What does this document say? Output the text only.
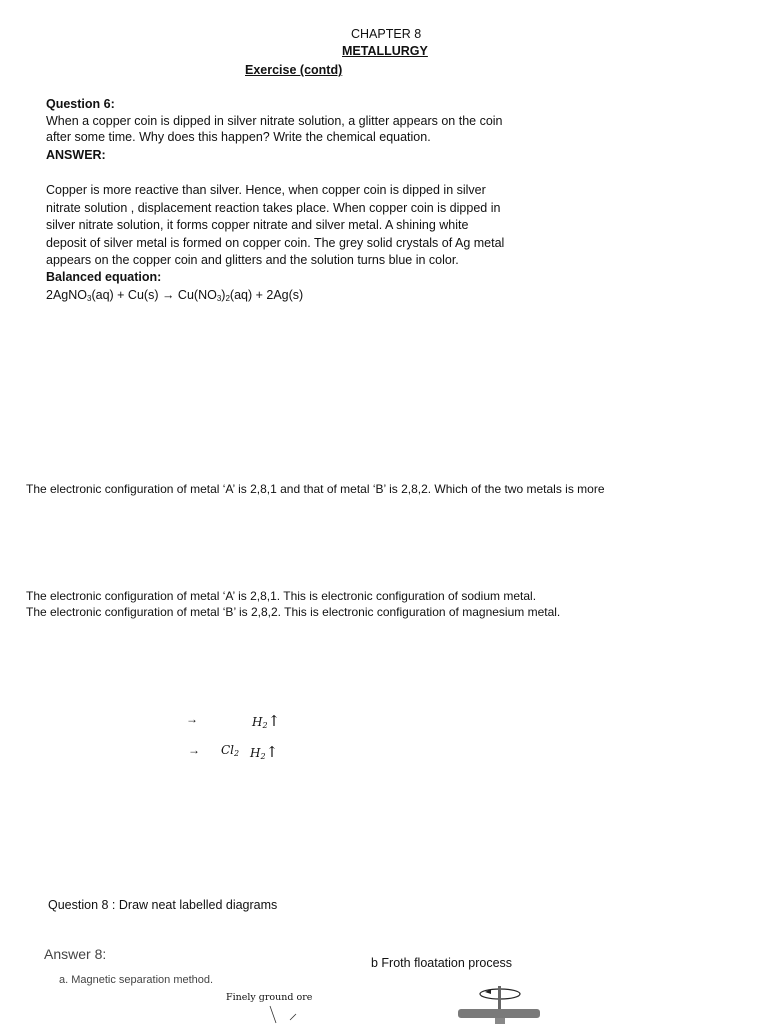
CHAPTER 8
METALLURGY
Exercise (contd)
Question 6:
When a copper coin is dipped in silver nitrate solution, a glitter appears on the coin
after some time. Why does this happen? Write the chemical equation.
ANSWER:
Copper is more reactive than silver. Hence, when copper coin is dipped in silver
nitrate solution , displacement reaction takes place. When copper coin is dipped in
silver nitrate solution, it forms copper nitrate and silver metal. A shining white
deposit of silver metal is formed on copper coin. The grey solid crystals of Ag metal
appears on the copper coin and glitters and the solution turns blue in color.
Balanced equation:
2AgNO$_3$(aq) + $Cu(s) \to Cu(NO_3)_2(aq) + 2Ag(s)$
The electronic configuration of metal ‘A’ is 2,8,1 and that of metal ‘B’ is 2,8,2. Which of the two metals is more
The electronic configuration of metal ‘A’ is 2,8,1. This is electronic configuration of sodium metal.
The electronic configuration of metal ‘B’ is 2,8,2. This is electronic configuration of magnesium metal.
→	$H_2↑$
→ $Cl_2$ $H_2↑$
Question 8 : Draw neat labelled diagrams
Answer 8:
a. Magnetic separation method.
b Froth floatation process
Finely ground ore
